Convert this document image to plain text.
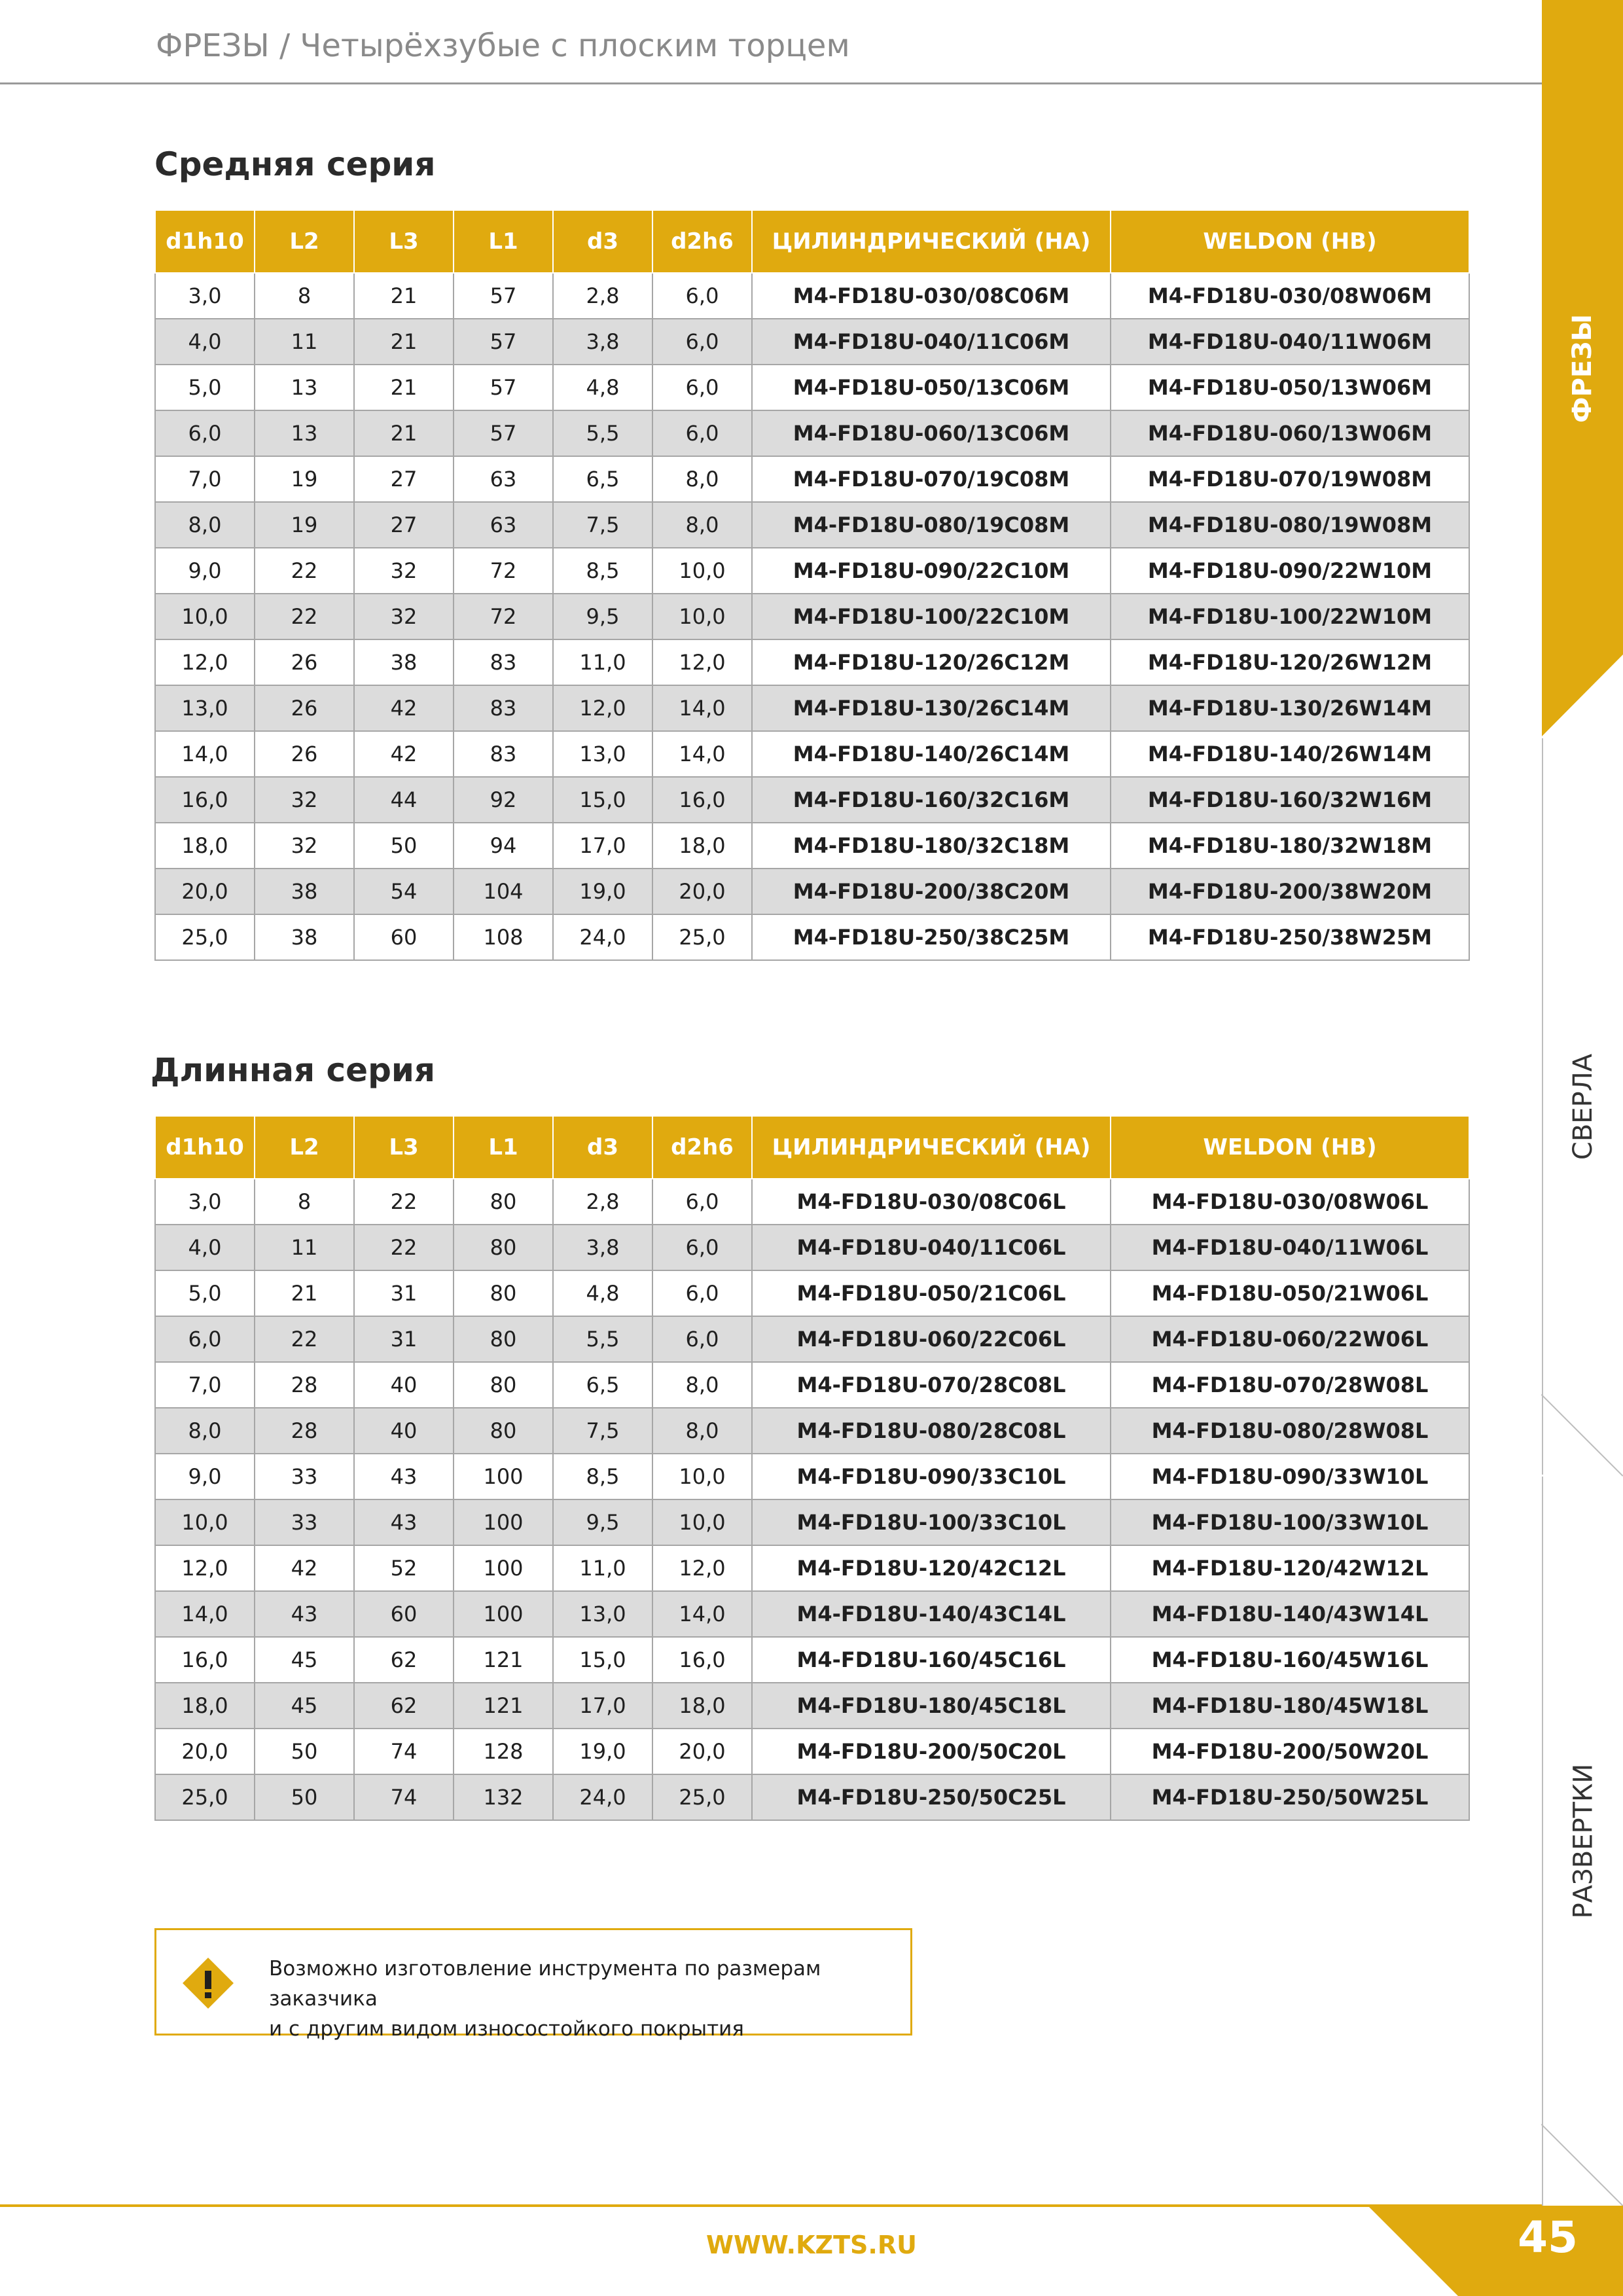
ФРЕЗЫ / Четырёхзубые с плоским торцем
ФРЕЗЫ
СВЕРЛА
РАЗВЕРТКИ
Средняя серия
d1h10	L2	L3	L1	d3	d2h6	ЦИЛИНДРИЧЕСКИЙ (HA)	WELDON (HB)
3,0	8	21	57	2,8	6,0	M4-FD18U-030/08C06M	M4-FD18U-030/08W06M
4,0	11	21	57	3,8	6,0	M4-FD18U-040/11C06M	M4-FD18U-040/11W06M
5,0	13	21	57	4,8	6,0	M4-FD18U-050/13C06M	M4-FD18U-050/13W06M
6,0	13	21	57	5,5	6,0	M4-FD18U-060/13C06M	M4-FD18U-060/13W06M
7,0	19	27	63	6,5	8,0	M4-FD18U-070/19C08M	M4-FD18U-070/19W08M
8,0	19	27	63	7,5	8,0	M4-FD18U-080/19C08M	M4-FD18U-080/19W08M
9,0	22	32	72	8,5	10,0	M4-FD18U-090/22C10M	M4-FD18U-090/22W10M
10,0	22	32	72	9,5	10,0	M4-FD18U-100/22C10M	M4-FD18U-100/22W10M
12,0	26	38	83	11,0	12,0	M4-FD18U-120/26C12M	M4-FD18U-120/26W12M
13,0	26	42	83	12,0	14,0	M4-FD18U-130/26C14M	M4-FD18U-130/26W14M
14,0	26	42	83	13,0	14,0	M4-FD18U-140/26C14M	M4-FD18U-140/26W14M
16,0	32	44	92	15,0	16,0	M4-FD18U-160/32C16M	M4-FD18U-160/32W16M
18,0	32	50	94	17,0	18,0	M4-FD18U-180/32C18M	M4-FD18U-180/32W18M
20,0	38	54	104	19,0	20,0	M4-FD18U-200/38C20M	M4-FD18U-200/38W20M
25,0	38	60	108	24,0	25,0	M4-FD18U-250/38C25M	M4-FD18U-250/38W25M
Длинная серия
d1h10	L2	L3	L1	d3	d2h6	ЦИЛИНДРИЧЕСКИЙ (HA)	WELDON (HB)
3,0	8	22	80	2,8	6,0	M4-FD18U-030/08C06L	M4-FD18U-030/08W06L
4,0	11	22	80	3,8	6,0	M4-FD18U-040/11C06L	M4-FD18U-040/11W06L
5,0	21	31	80	4,8	6,0	M4-FD18U-050/21C06L	M4-FD18U-050/21W06L
6,0	22	31	80	5,5	6,0	M4-FD18U-060/22C06L	M4-FD18U-060/22W06L
7,0	28	40	80	6,5	8,0	M4-FD18U-070/28C08L	M4-FD18U-070/28W08L
8,0	28	40	80	7,5	8,0	M4-FD18U-080/28C08L	M4-FD18U-080/28W08L
9,0	33	43	100	8,5	10,0	M4-FD18U-090/33C10L	M4-FD18U-090/33W10L
10,0	33	43	100	9,5	10,0	M4-FD18U-100/33C10L	M4-FD18U-100/33W10L
12,0	42	52	100	11,0	12,0	M4-FD18U-120/42C12L	M4-FD18U-120/42W12L
14,0	43	60	100	13,0	14,0	M4-FD18U-140/43C14L	M4-FD18U-140/43W14L
16,0	45	62	121	15,0	16,0	M4-FD18U-160/45C16L	M4-FD18U-160/45W16L
18,0	45	62	121	17,0	18,0	M4-FD18U-180/45C18L	M4-FD18U-180/45W18L
20,0	50	74	128	19,0	20,0	M4-FD18U-200/50C20L	M4-FD18U-200/50W20L
25,0	50	74	132	24,0	25,0	M4-FD18U-250/50C25L	M4-FD18U-250/50W25L
Возможно изготовление инструмента по размерам заказчика
и с другим видом износостойкого покрытия
WWW.KZTS.RU	45
